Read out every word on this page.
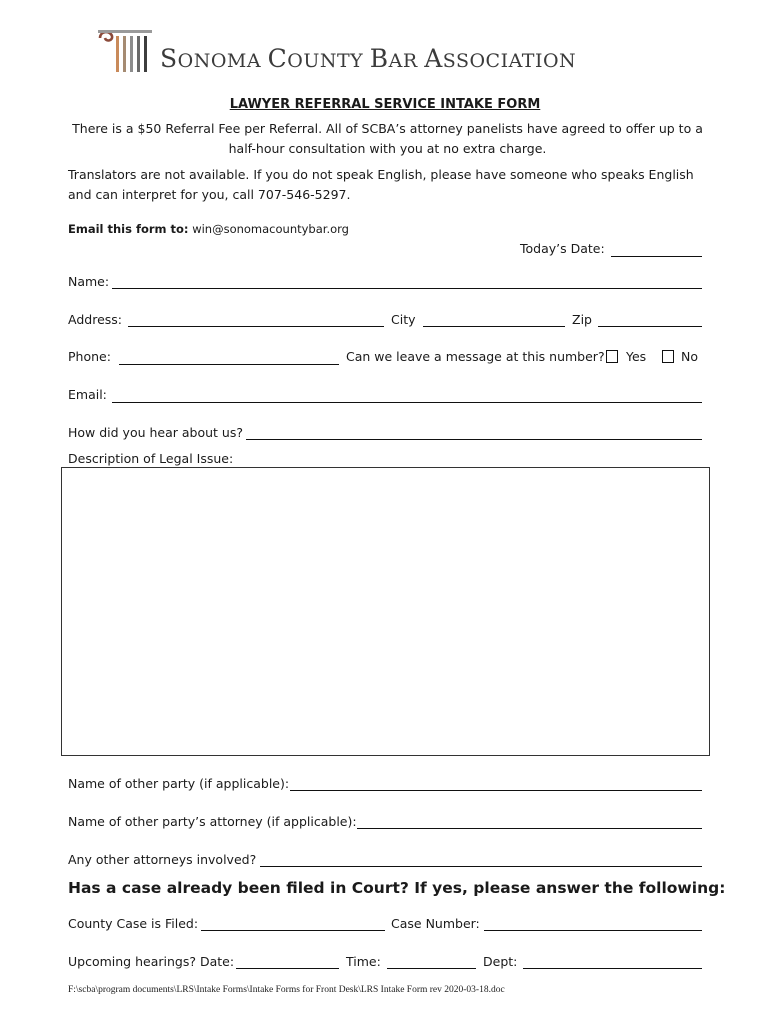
SONOMA COUNTY BAR ASSOCIATION
LAWYER REFERRAL SERVICE INTAKE FORM
There is a $50 Referral Fee per Referral. All of SCBA’s attorney panelists have agreed to offer up to a half-hour consultation with you at no extra charge.
Translators are not available. If you do not speak English, please have someone who speaks English and can interpret for you, call 707-546-5297.
Email this form to: win@sonomacountybar.org
Today’s Date:
Name:
Address:	City	Zip
Phone:	Can we leave a message at this number? Yes	No
Email:
How did you hear about us?
Description of Legal Issue:
Name of other party (if applicable):
Name of other party’s attorney (if applicable):
Any other attorneys involved?
Has a case already been filed in Court? If yes, please answer the following:
County Case is Filed:	Case Number:
Upcoming hearings? Date:	Time:	Dept:
F:\scba\program documents\LRS\Intake Forms\Intake Forms for Front Desk\LRS Intake Form rev 2020-03-18.doc
